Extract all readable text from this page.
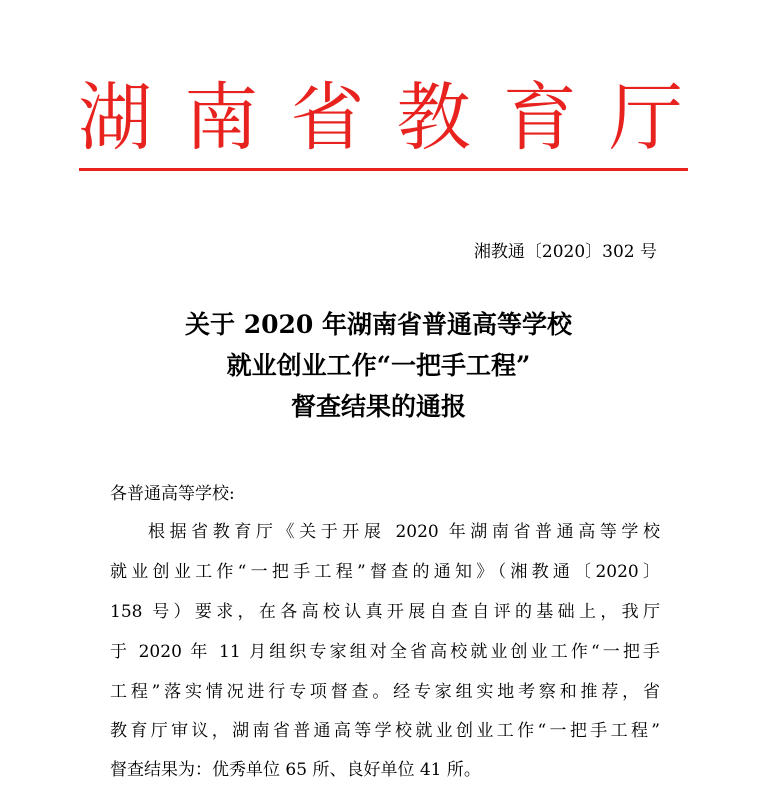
湖 南 省 教 育 厅
湘教通〔2020〕302 号
关于 2020 年湖南省普通高等学校
就业创业工作“一把手工程”
督查结果的通报
各普通高等学校:
根据省教育厅《关于开展 2020 年湖南省普通高等学校
就业创业工作“一把手工程”督查的通知》（湘教通〔2020〕
158 号）要求，在各高校认真开展自查自评的基础上，我厅
于 2020 年 11 月组织专家组对全省高校就业创业工作“一把手
工程”落实情况进行专项督查。经专家组实地考察和推荐，省
教育厅审议，湖南省普通高等学校就业创业工作“一把手工程”
督查结果为：优秀单位 65 所、良好单位 41 所。
